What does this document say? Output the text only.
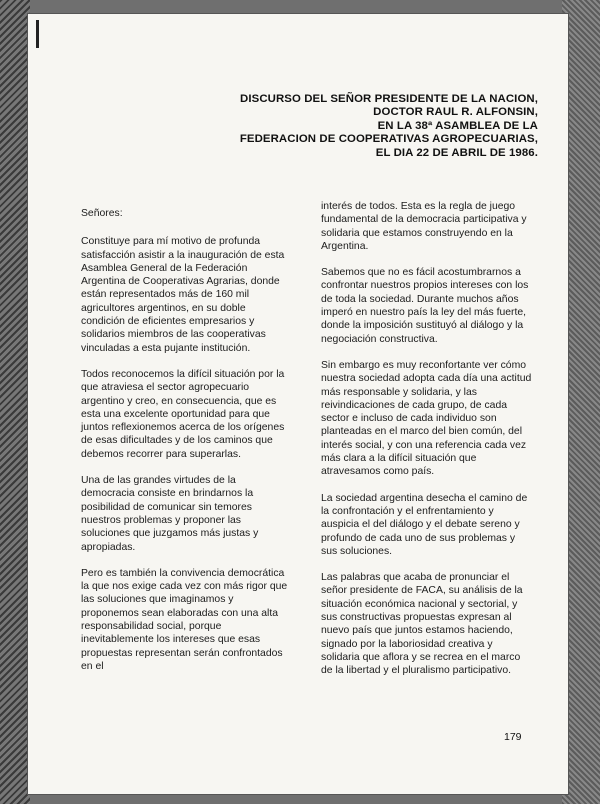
DISCURSO DEL SEÑOR PRESIDENTE DE LA NACION,
DOCTOR RAUL R. ALFONSIN,
EN LA 38ª ASAMBLEA DE LA
FEDERACION DE COOPERATIVAS AGROPECUARIAS,
EL DIA 22 DE ABRIL DE 1986.

Señores:

Constituye para mí motivo de profunda satisfacción asistir a la inauguración de esta Asamblea General de la Federación Argentina de Cooperativas Agrarias, donde están representados más de 160 mil agricultores argentinos, en su doble condición de eficientes empresarios y solidarios miembros de las cooperativas vinculadas a esta pujante institución.

Todos reconocemos la difícil situación por la que atraviesa el sector agropecuario argentino y creo, en consecuencia, que es esta una excelente oportunidad para que juntos reflexionemos acerca de los orígenes de esas dificultades y de los caminos que debemos recorrer para superarlas.

Una de las grandes virtudes de la democracia consiste en brindarnos la posibilidad de comunicar sin temores nuestros problemas y proponer las soluciones que juzgamos más justas y apropiadas.

Pero es también la convivencia democrática la que nos exige cada vez con más rigor que las soluciones que imaginamos y proponemos sean elaboradas con una alta responsabilidad social, porque inevitablemente los intereses que esas propuestas representan serán confrontados en el

interés de todos. Esta es la regla de juego fundamental de la democracia participativa y solidaria que estamos construyendo en la Argentina.

Sabemos que no es fácil acostumbrarnos a confrontar nuestros propios intereses con los de toda la sociedad. Durante muchos años imperó en nuestro país la ley del más fuerte, donde la imposición sustituyó al diálogo y la negociación constructiva.

Sin embargo es muy reconfortante ver cómo nuestra sociedad adopta cada día una actitud más responsable y solidaria, y las reivindicaciones de cada grupo, de cada sector e incluso de cada individuo son planteadas en el marco del bien común, del interés social, y con una referencia cada vez más clara a la difícil situación que atravesamos como país.

La sociedad argentina desecha el camino de la confrontación y el enfrentamiento y auspicia el del diálogo y el debate sereno y profundo de cada uno de sus problemas y sus soluciones.

Las palabras que acaba de pronunciar el señor presidente de FACA, su análisis de la situación económica nacional y sectorial, y sus constructivas propuestas expresan al nuevo país que juntos estamos haciendo, signado por la laboriosidad creativa y solidaria que aflora y se recrea en el marco de la libertad y el pluralismo participativo.

179
